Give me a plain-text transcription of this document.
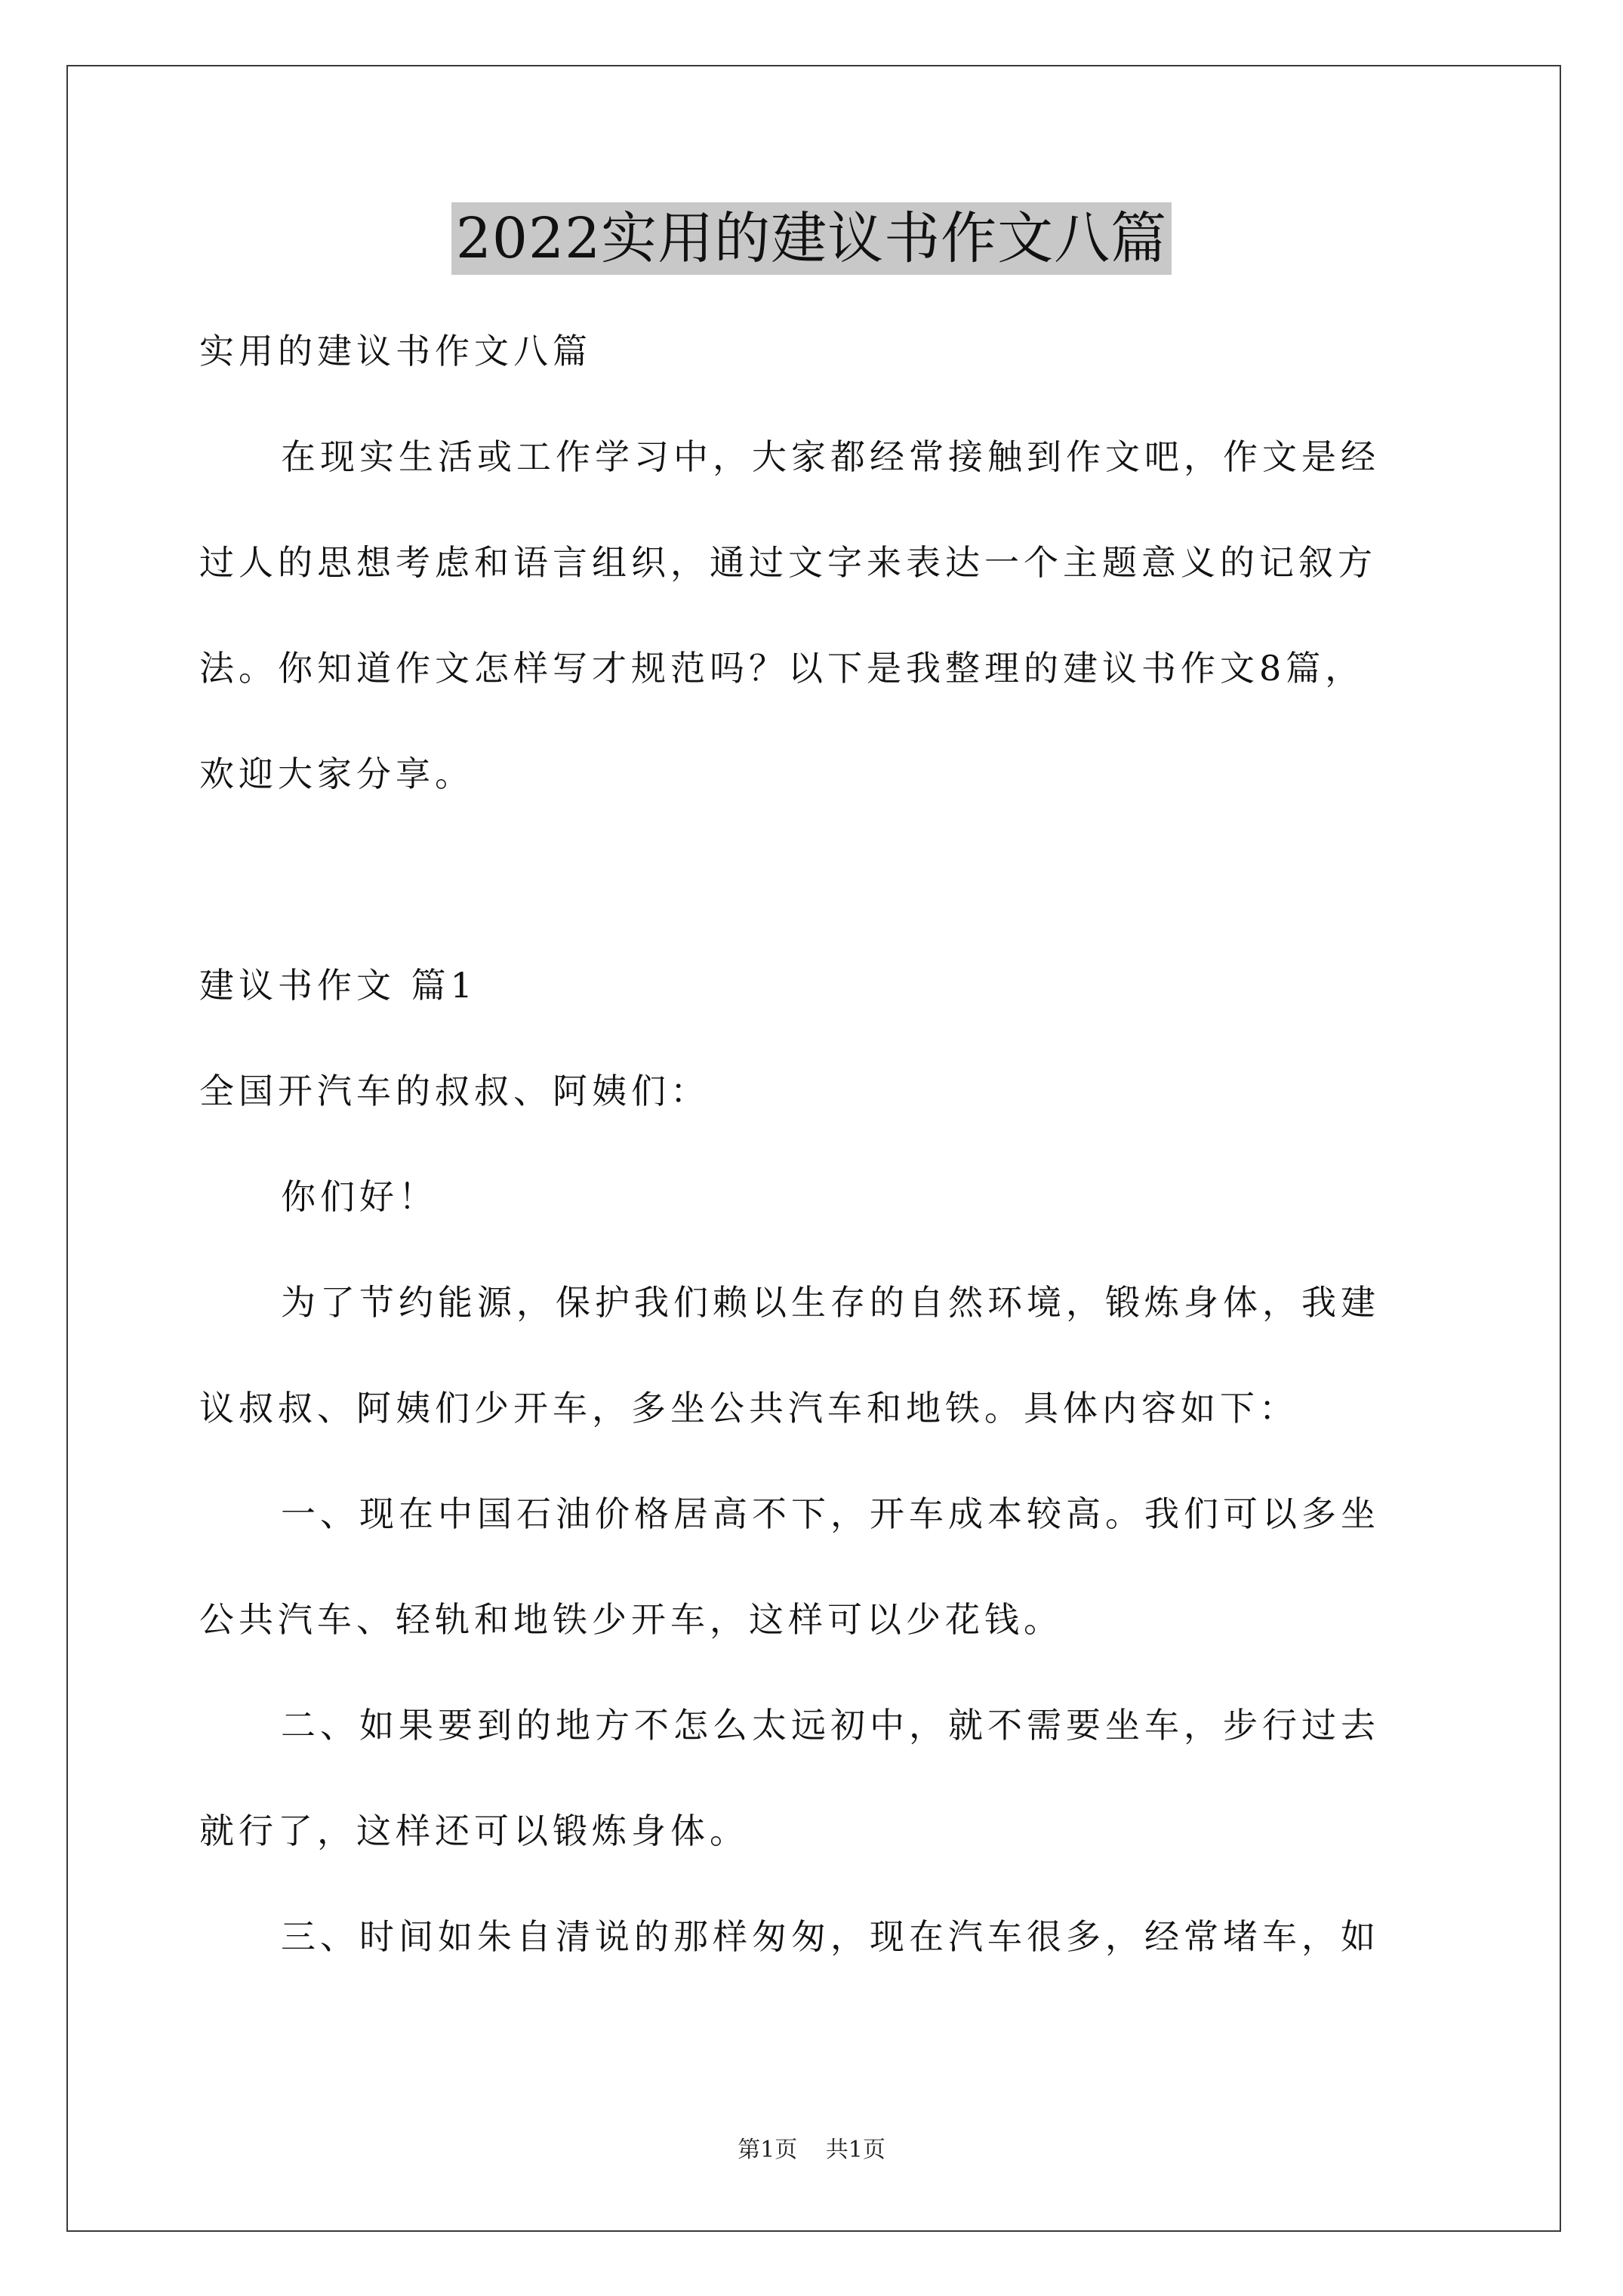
2022实用的建议书作文八篇
实用的建议书作文八篇
在现实生活或工作学习中，大家都经常接触到作文吧，作文是经
过人的思想考虑和语言组织，通过文字来表达一个主题意义的记叙方
法。你知道作文怎样写才规范吗？以下是我整理的建议书作文8篇，
欢迎大家分享。
建议书作文 篇1
全国开汽车的叔叔、阿姨们：
你们好！
为了节约能源，保护我们赖以生存的自然环境，锻炼身体，我建
议叔叔、阿姨们少开车，多坐公共汽车和地铁。具体内容如下：
一、现在中国石油价格居高不下，开车成本较高。我们可以多坐
公共汽车、轻轨和地铁少开车，这样可以少花钱。
二、如果要到的地方不怎么太远初中，就不需要坐车，步行过去
就行了，这样还可以锻炼身体。
三、时间如朱自清说的那样匆匆，现在汽车很多，经常堵车，如
第1页 共1页
